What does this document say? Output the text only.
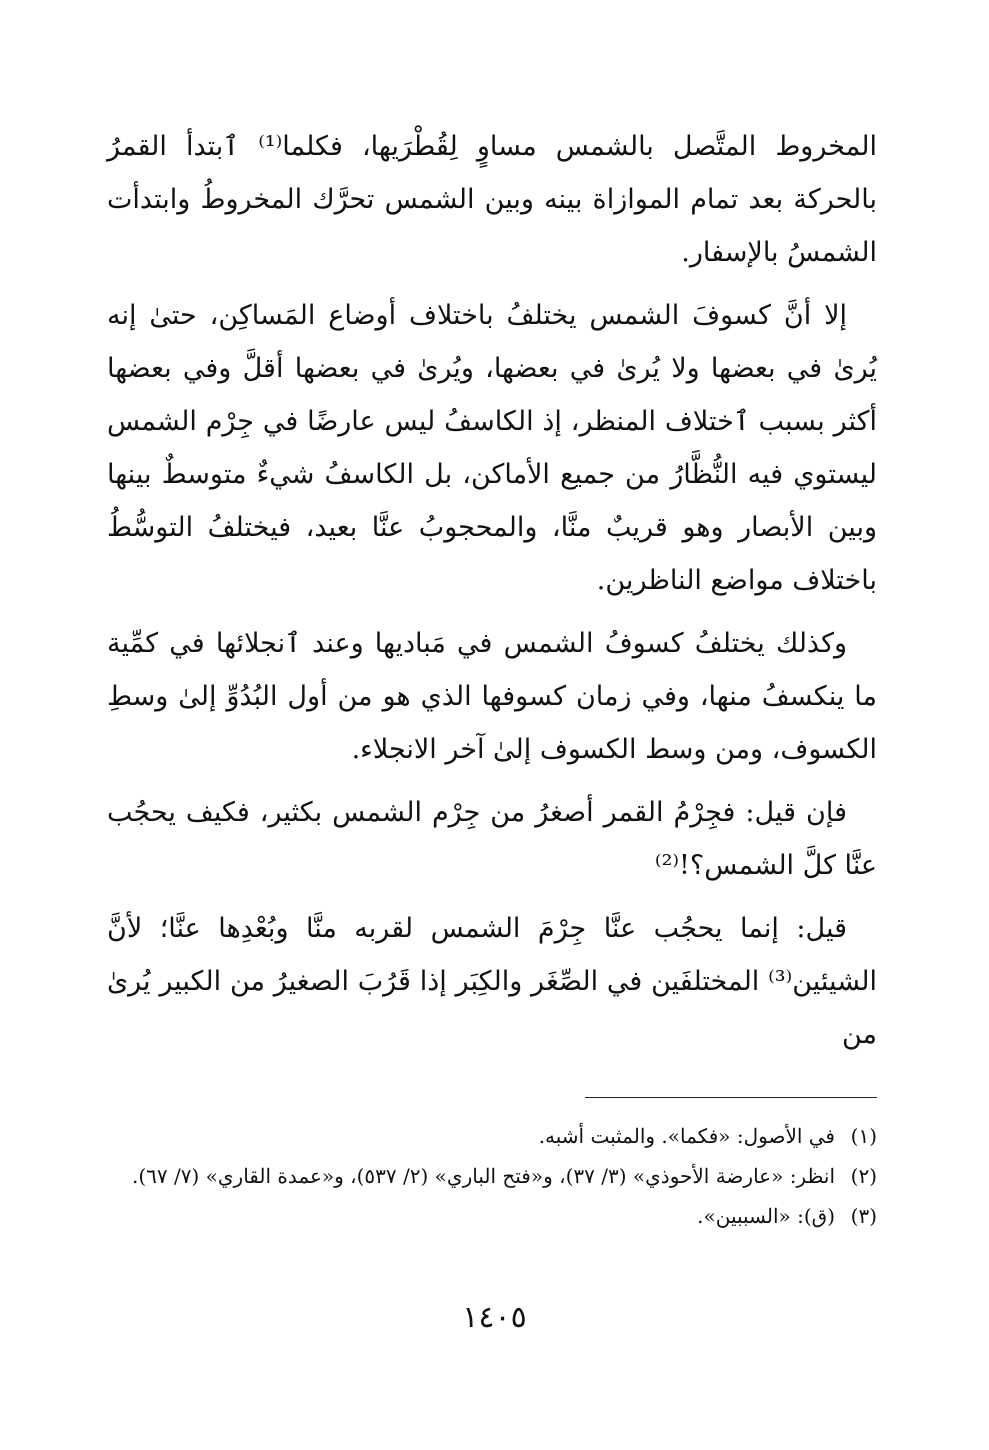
المخروط المتَّصل بالشمس مساوٍ لِقُطْرَيها، فكلما⁽¹⁾ ٱبتدأ القمرُ بالحركة بعد تمام الموازاة بينه وبين الشمس تحرَّك المخروطُ وابتدأت الشمسُ بالإسفار.

إلا أنَّ كسوفَ الشمس يختلفُ باختلاف أوضاع المَساكِن، حتىٰ إنه يُرىٰ في بعضها ولا يُرىٰ في بعضها، ويُرىٰ في بعضها أقلَّ وفي بعضها أكثر بسبب ٱختلاف المنظر، إذ الكاسفُ ليس عارضًا في جِرْم الشمس ليستوي فيه النُّظَّارُ من جميع الأماكن، بل الكاسفُ شيءٌ متوسطٌ بينها وبين الأبصار وهو قريبٌ منَّا، والمحجوبُ عنَّا بعيد، فيختلفُ التوسُّطُ باختلاف مواضع الناظرين.

وكذلك يختلفُ كسوفُ الشمس في مَباديها وعند ٱنجلائها في كمِّية ما ينكسفُ منها، وفي زمان كسوفها الذي هو من أول البُدُوِّ إلىٰ وسطِ الكسوف، ومن وسط الكسوف إلىٰ آخر الانجلاء.

فإن قيل: فجِرْمُ القمر أصغرُ من جِرْم الشمس بكثير، فكيف يحجُب عنَّا كلَّ الشمس؟!⁽²⁾

قيل: إنما يحجُب عنَّا جِرْمَ الشمس لقربه منَّا وبُعْدِها عنَّا؛ لأنَّ الشيئين⁽³⁾ المختلفَين في الصِّغَر والكِبَر إذا قَرُبَ الصغيرُ من الكبير يُرىٰ من

(١)
في الأصول: «فكما». والمثبت أشبه.
(٢)
انظر: «عارضة الأحوذي» (٣/ ٣٧)، و«فتح الباري» (٢/ ٥٣٧)، و«عمدة القاري» (٧/ ٦٧).
(٣)
(ق): «السببين».
١٤٠٥
